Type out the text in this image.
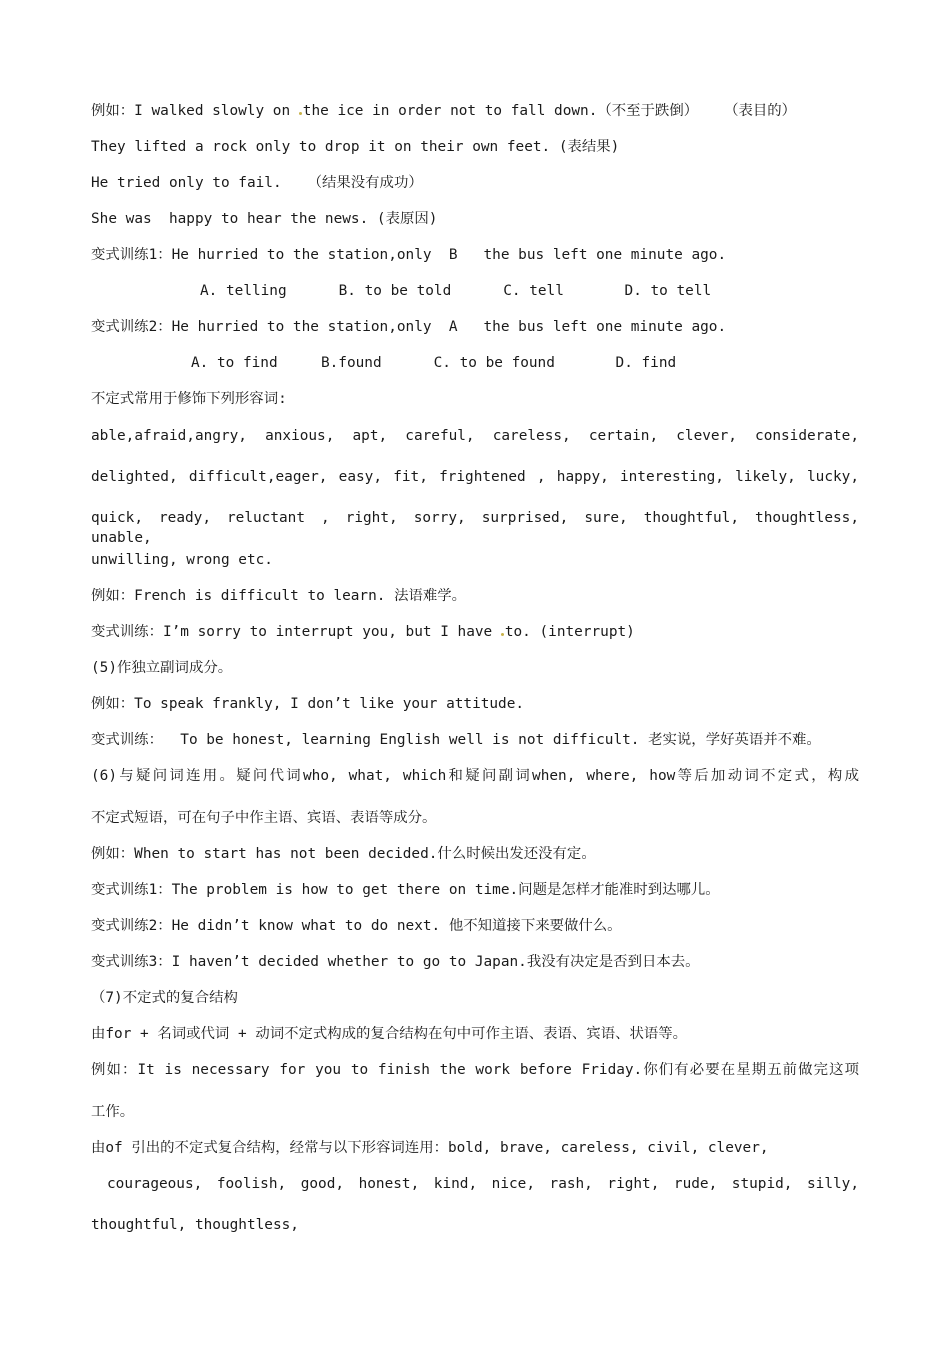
例如：I walked slowly on the ice in order not to fall down.（不至于跌倒）   （表目的）
They lifted a rock only to drop it on their own feet. (表结果)
He tried only to fail.   （结果没有成功）
She was  happy to hear the news. (表原因)
变式训练1：He hurried to the station,only  B   the bus left one minute ago.
A. telling      B. to be told      C. tell       D. to tell
变式训练2：He hurried to the station,only  A   the bus left one minute ago.
A. to find     B.found      C. to be found       D. find
不定式常用于修饰下列形容词:
able,afraid,angry, anxious, apt, careful, careless, certain, clever, considerate,
delighted, difficult,eager, easy, fit, frightened , happy, interesting, likely, lucky,
quick, ready, reluctant , right, sorry, surprised, sure, thoughtful, thoughtless, unable,
unwilling, wrong etc.
例如：French is difficult to learn. 法语难学。
变式训练：I’m sorry to interrupt you, but I have to. (interrupt)
(5)作独立副词成分。
例如：To speak frankly, I don’t like your attitude.
变式训练：  To be honest, learning English well is not difficult. 老实说，学好英语并不难。
(6)与疑问词连用。疑问代词who, what, which和疑问副词when, where, how等后加动词不定式，构成
不定式短语，可在句子中作主语、宾语、表语等成分。
例如：When to start has not been decided.什么时候出发还没有定。
变式训练1：The problem is how to get there on time.问题是怎样才能准时到达哪儿。
变式训练2：He didn’t know what to do next. 他不知道接下来要做什么。
变式训练3：I haven’t decided whether to go to Japan.我没有决定是否到日本去。
（7)不定式的复合结构
由for + 名词或代词 + 动词不定式构成的复合结构在句中可作主语、表语、宾语、状语等。
例如：It is necessary for you to finish the work before Friday.你们有必要在星期五前做完这项
工作。
由of 引出的不定式复合结构，经常与以下形容词连用：bold, brave, careless, civil, clever,
courageous, foolish, good, honest, kind, nice, rash, right, rude, stupid, silly,
thoughtful, thoughtless,
